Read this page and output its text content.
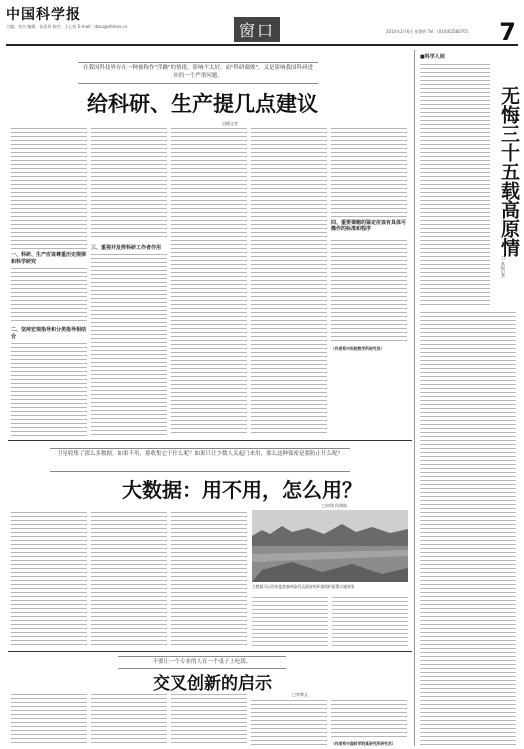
中国科学报
主编：刘杰 编辑：张思玮 校对：王心怡 E-mail：dzxu@stimes.cn	窗口	2014年2月6日 星期四 Tel：(010)62580701	7
在我国科技界存在一种被称作"浮躁"的情绪，影响不太好。而"科研腐败"，又是影响我国科研进步的一个严重问题。
给科研、生产提几点建议
田德文者
一、科研、生产应该尊重历史规律和科学研究
二、坚持宏观指导和分类指导相结合
三、重视并发挥科研工作者作用
四、重要课题的鉴定应该有具体可操作的标准和程序
（作者系中科院数学所研究员）
卫星收集了那么多数据，如果不用，那收集它干什么呢？如果只让少数人关起门来用，那么这种保密是要防止什么呢？
大数据：用不用，怎么用？
□何翔 何满航
大数据可以用来监控森林砍伐及政府的环境保护政策实施效果
不要让一个专业的人在一个桌子上吃饭。
交叉创新的启示
□李博文
（作者系中国科学院某研究所研究员）
■科学人间
无悔三十五载高原情
□ 本报记者
